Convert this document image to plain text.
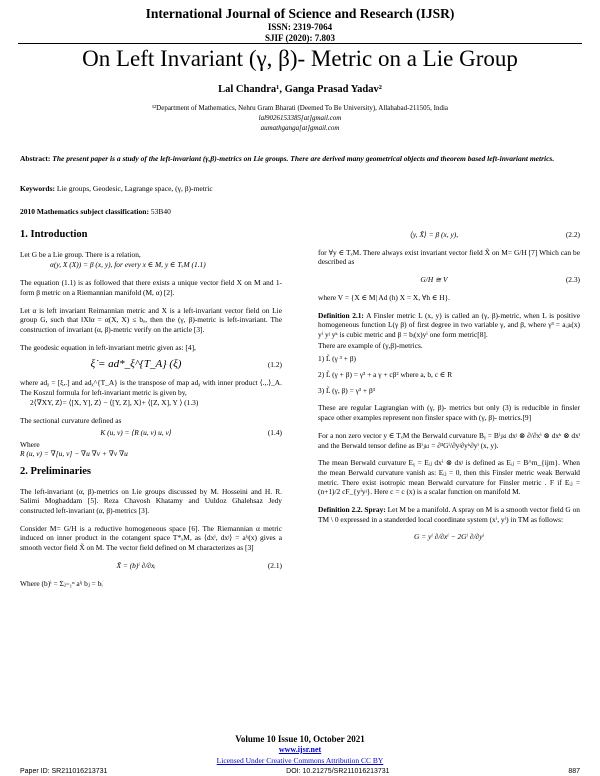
International Journal of Science and Research (IJSR)
ISSN: 2319-7064
SJIF (2020): 7.803
On Left Invariant (γ, β)- Metric on a Lie Group
Lal Chandra¹, Ganga Prasad Yadav²
¹²Department of Mathematics, Nehru Gram Bharati (Deemed To Be University), Allahabad-211505, India
lal9026153385[at]gmail.com
aumathganga[at]gmail.com
Abstract: The present paper is a study of the left-invariant (γ,β)-metrics on Lie groups. There are derived many geometrical objects and theorem based left-invariant metrics.
Keywords: Lie groups, Geodesic, Lagrange space, (γ, β)-metric
2010 Mathematics subject classification: 53B40
1. Introduction

Let G be a Lie group. There is a relation,

α(y, X (X)) = β (x, y), for every x ∈ M, y ∈ TₓM (1.1)

The equation (1.1) is as followed that there exists a unique vector field X on M and 1- form β metric on a Riemannian manifold (M, α) [2].

Let α is left invariant Reimannian metric and X is a left-invariant vector field on Lie group G, such that ‖X‖α = α(X, X) ≤ bₒ, then the (γ, β)-metric is left-invariant. The construction of invariant (α, β)-metric verify on the article [3].

The geodesic equation in left-invariant metric given as: [4],

ξ̇ = ad*_ξ^{T_A} (ξ)	(1.2)

where adᵪ = [ξ,.] and adᵪ^{T_A} is the transpose of map adᵪ with inner product ⟨.,.⟩_A. The Koszul formula for left-invariant metric is given by,

2⟨∇XY, Z⟩= ⟨[X, Y], Z⟩ − ⟨[Y, Z], X⟩+ ⟨[Z, X], Y ⟩ (1.3)

The sectional curvature defined as

K (u, v) = ⟨R (u, v) u, v⟩	(1.4)

Where

R (u, v) = ∇[u, v] − ∇u ∇v + ∇v ∇u

2. Preliminaries

The left-invariant (α, β)-metrics on Lie groups discussed by M. Hosseini and H. R. Salimi Moghaddam [5]. Reza Chavosh Khatamy and Uuldoz Ghalehsaz Jedy constructed left-invariant (α, β)-metrics [3].

Consider M= G/H is a reductive homogeneous space [6]. The Riemannian α metric induced on inner product in the cotangent space T*ₓM, as ⟨dxⁱ, dxʲ⟩ = aⁱʲ(x) gives a smooth vector field X̃ on M. The vector field defined on M characterizes as [3]

X̃ = (b)ⁱ ∂/∂xᵢ	(2.1)

Where (b)ⁱ = Σⱼ₌₁ⁿ aⁱʲ bⱼ = bᵢ

⟨y, X̃⟩ = β (x, y),	(2.2)

for ∀y ∈ TₓM. There always exist invariant vector field X̃ on M= G/H [7] Which can be described as

G/H ≅ V	(2.3)

where V = {X ∈ M| Ad (h) X = X, ∀h ∈ H}.

Definition 2.1: A Finsler metric L (x, y) is called an (γ, β)-metric, when L is positive homogeneous function L(γ β) of first degree in two variable γ, and β, where γ³ = aᵢⱼₖ(x) yⁱ yʲ yᵏ is cubic metric and β = bᵢ(x)yⁱ one form metric[8].

There are example of (γ,β)-metrics.

1) L̃ (γ ³ + β)

2) L̃ (γ + β) = γ³ + a γ + cβ² where a, b, c ∈ R

3) L̃ (γ, β) = γ³ + β³

These are regular Lagrangian with (γ, β)- metrics but only (3) is reducible in finsler space other examples represent non finsler space with (γ, β)- metrics.[9]

For a non zero vector y ∈ TₓM the Berwald curvature Bᵧ = Bⁱⱼₖₗ dxʲ ⊗ ∂/∂xⁱ ⊗ dxᵏ ⊗ dxˡ and the Berwald tensor define as Bⁱⱼₖₗ = ∂³Gⁱ/∂yʲ∂yᵏ∂yˡ (x, y).

The mean Berwald curvature Eᵧ = Eᵢⱼ dxⁱ ⊗ dxʲ is defined as Eᵢⱼ = B^m_{ijm}. When the mean Berwald curvature vanish as: Eᵢⱼ = 0, then this Finsler metric weak Berwald metric. There exist isotropic mean Berwald curvature for Finsler metric . F if Eᵢⱼ = (n+1)/2 cF_{yⁱyʲ}. Here c = c (x) is a scalar function on manifold M.

Definition 2.2. Spray: Let M be a manifold. A spray on M is a smooth vector field G on TM \ 0 expressed in a standerded local coordinate system (xⁱ, yⁱ) in TM as follows:

G = yⁱ ∂/∂xⁱ − 2Gⁱ ∂/∂yⁱ

Volume 10 Issue 10, October 2021
www.ijsr.net
Licensed Under Creative Commons Attribution CC BY
Paper ID: SR211016213731	DOI: 10.21275/SR211016213731	887
